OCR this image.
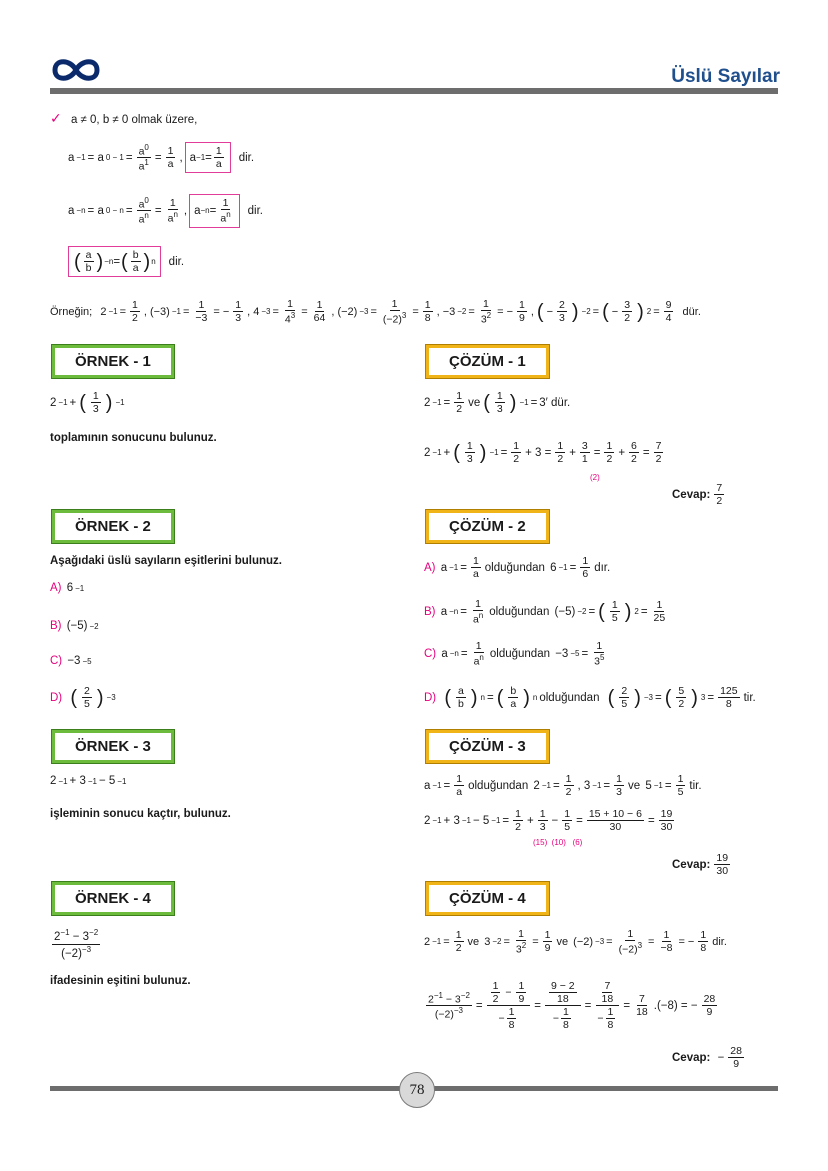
Üslü Sayılar
✓ a ≠ 0, b ≠ 0 olmak üzere,
a −1 = a 0 − 1 =
$a^0$
$a^1$ =
1
a
, a −1 =
1
a
dir.
a −n = a 0 − n =
$a^0$
$a^n$ =
1
$a^n$ , a −n =
1
$a^n$ dir.
( a
b ) −n = ( b
a ) n dir.
Örneğin; 2 −1 =
1
2
, (−3) −1 =
1
−3
= −
1
3
, 4 −3 =
1
$4^3$ =
1
64
, (−2) −3 =
1
$(-2)^3$ =
1
8
, −3 −2 =
1
$3^2$ = −
1
9
, ( −
2
3 ) −2 = ( −
3
2 ) 2 =
9
4

dür.
ÖRNEK - 1
2 −1 + ( 1
3 ) −1
toplamının sonucunu bulunuz.
ÇÖZÜM - 1
2 −1 =
1
2
ve ( 1
3 ) −1 = 3′ dür.
2 −1 + ( 1
3 ) −1 =
1
2
+ 3 =
1
2
+
3
1
=
1
2
+
6
2
=
7
2
(2)
Cevap:
7
2
ÖRNEK - 2
Aşağıdaki üslü sayıların eşitlerini bulunuz.
A) 6 −1
B) (−5) −2
C) −3 −5
D)
( 2
5 ) −3
ÇÖZÜM - 2
A) a −1 =
1
a
olduğundan 6 −1 =
1
6
dır.
B) a −n =
1
$a^n$ olduğundan (−5) −2 = ( 1
5 ) 2 =
1
25
C) a −n =
1
$a^n$ olduğundan −3 −5 =
1
$3^5$
D)
( a
b ) n = ( b
a ) n olduğundan
( 2
5 ) −3 = ( 5
2 ) 3 =
125
8
tir.
ÖRNEK - 3
2 −1 + 3 −1 − 5 −1
işleminin sonucu kaçtır, bulunuz.
ÇÖZÜM - 3
a −1 =
1
a
olduğundan 2 −1 =
1
2
, 3 −1 =
1
3
ve 5 −1 =
1
5
tir.
2 −1 + 3 −1 − 5 −1 =
1
2
+
1
3
−
1
5
=
15 + 10 − 6
30
=
19
30
(15)  (10)   (6)
Cevap:
19
30
ÖRNEK - 4
$2^{-1} - 3^{-2}$
$(-2)^{-3}$
ifadesinin eşitini bulunuz.
ÇÖZÜM - 4
2 −1 =
1
2
ve 3 −2 =
1
$3^2$ =
1
9
ve (−2) −3 =
1
$(-2)^3$ =
1
−8
= −
1
8
dir.
$2^{-1} - 3^{-2}$
$(-2)^{-3}$ =
$\frac{1}{2} - \frac{1}{9}$
− $\frac{1}{8}$
=
$\frac{9 - 2}{18}$
− $\frac{1}{8}$
=
$\frac{7}{18}$
− $\frac{1}{8}$
=
7
18
.(−8) = −
28
9
Cevap:
− $\frac{28}{9}$
78
